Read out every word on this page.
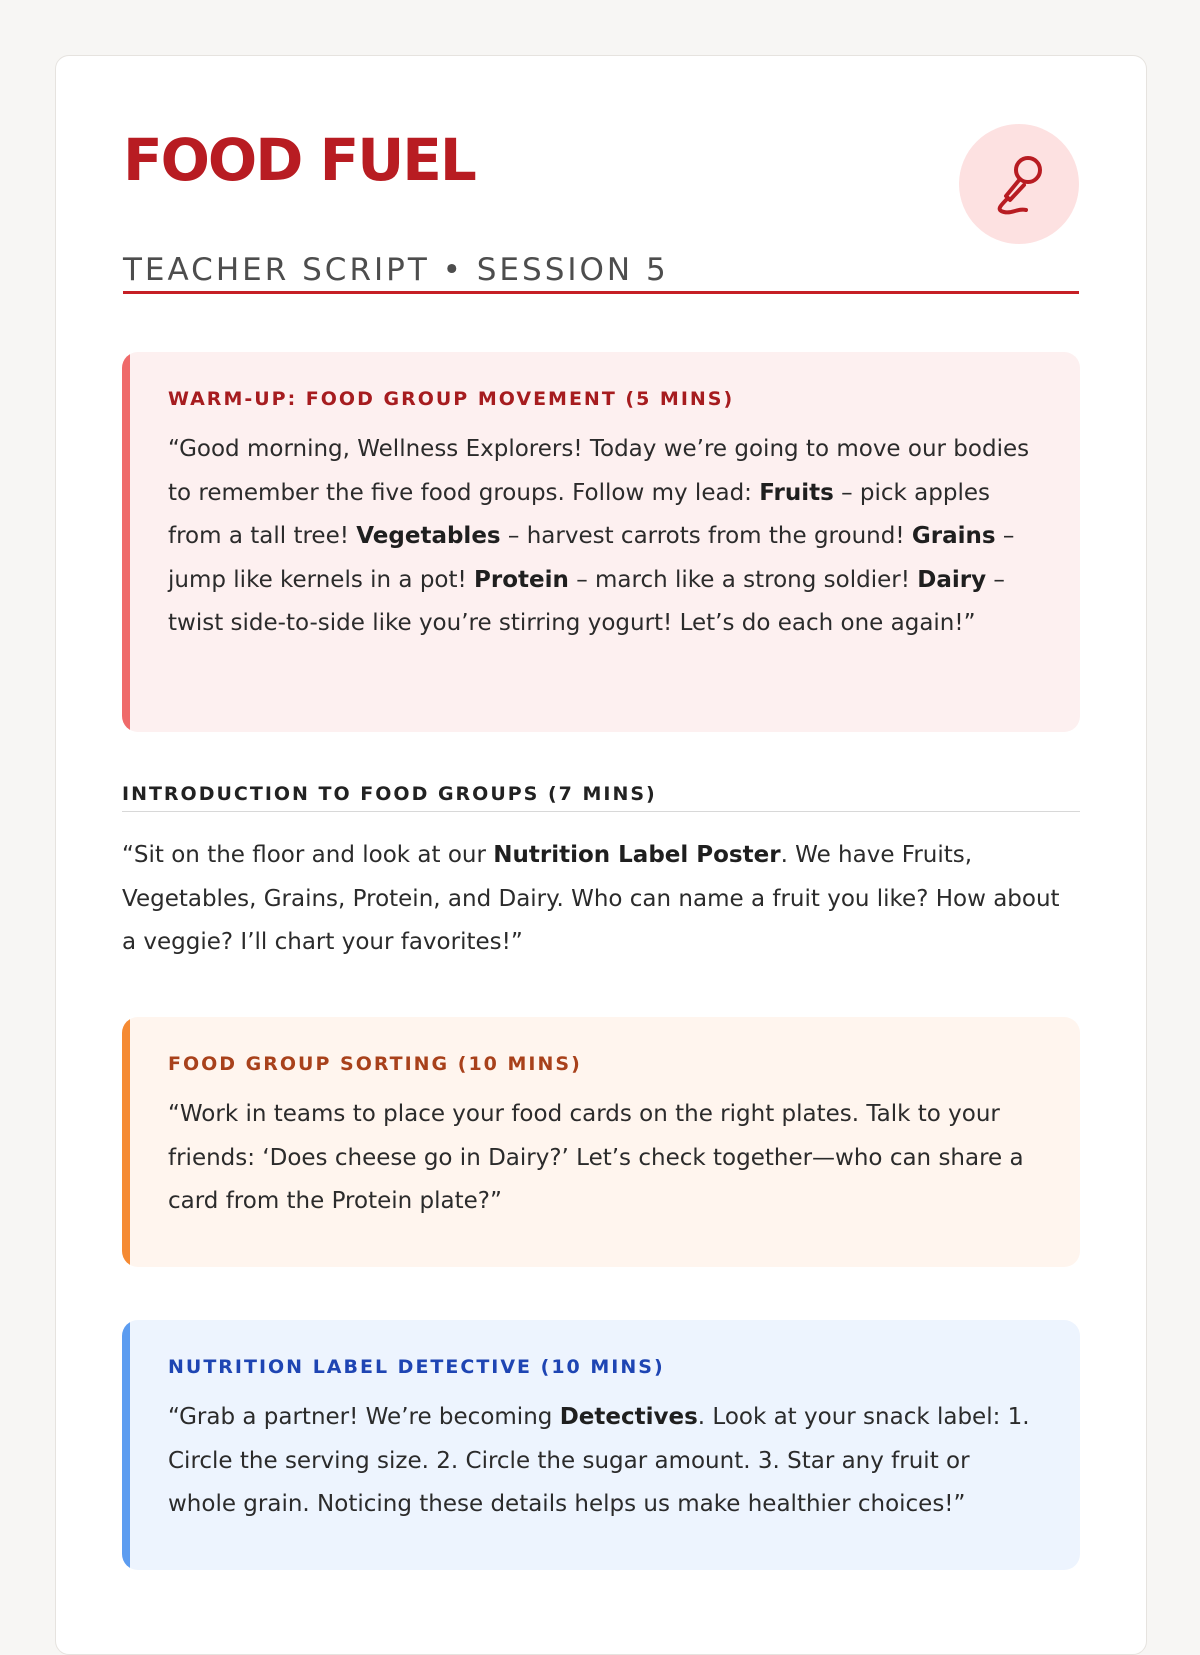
FOOD FUEL
TEACHER SCRIPT • SESSION 5
WARM-UP: FOOD GROUP MOVEMENT (5 MINS)
“Good morning, Wellness Explorers! Today we’re going to move our bodies to remember the five food groups. Follow my lead: Fruits – pick apples from a tall tree! Vegetables – harvest carrots from the ground! Grains – jump like kernels in a pot! Protein – march like a strong soldier! Dairy – twist side-to-side like you’re stirring yogurt! Let’s do each one again!”
INTRODUCTION TO FOOD GROUPS (7 MINS)
“Sit on the floor and look at our Nutrition Label Poster. We have Fruits, Vegetables, Grains, Protein, and Dairy. Who can name a fruit you like? How about a veggie? I’ll chart your favorites!”
FOOD GROUP SORTING (10 MINS)
“Work in teams to place your food cards on the right plates. Talk to your friends: ‘Does cheese go in Dairy?’ Let’s check together—who can share a card from the Protein plate?”
NUTRITION LABEL DETECTIVE (10 MINS)
“Grab a partner! We’re becoming Detectives. Look at your snack label: 1. Circle the serving size. 2. Circle the sugar amount. 3. Star any fruit or whole grain. Noticing these details helps us make healthier choices!”
